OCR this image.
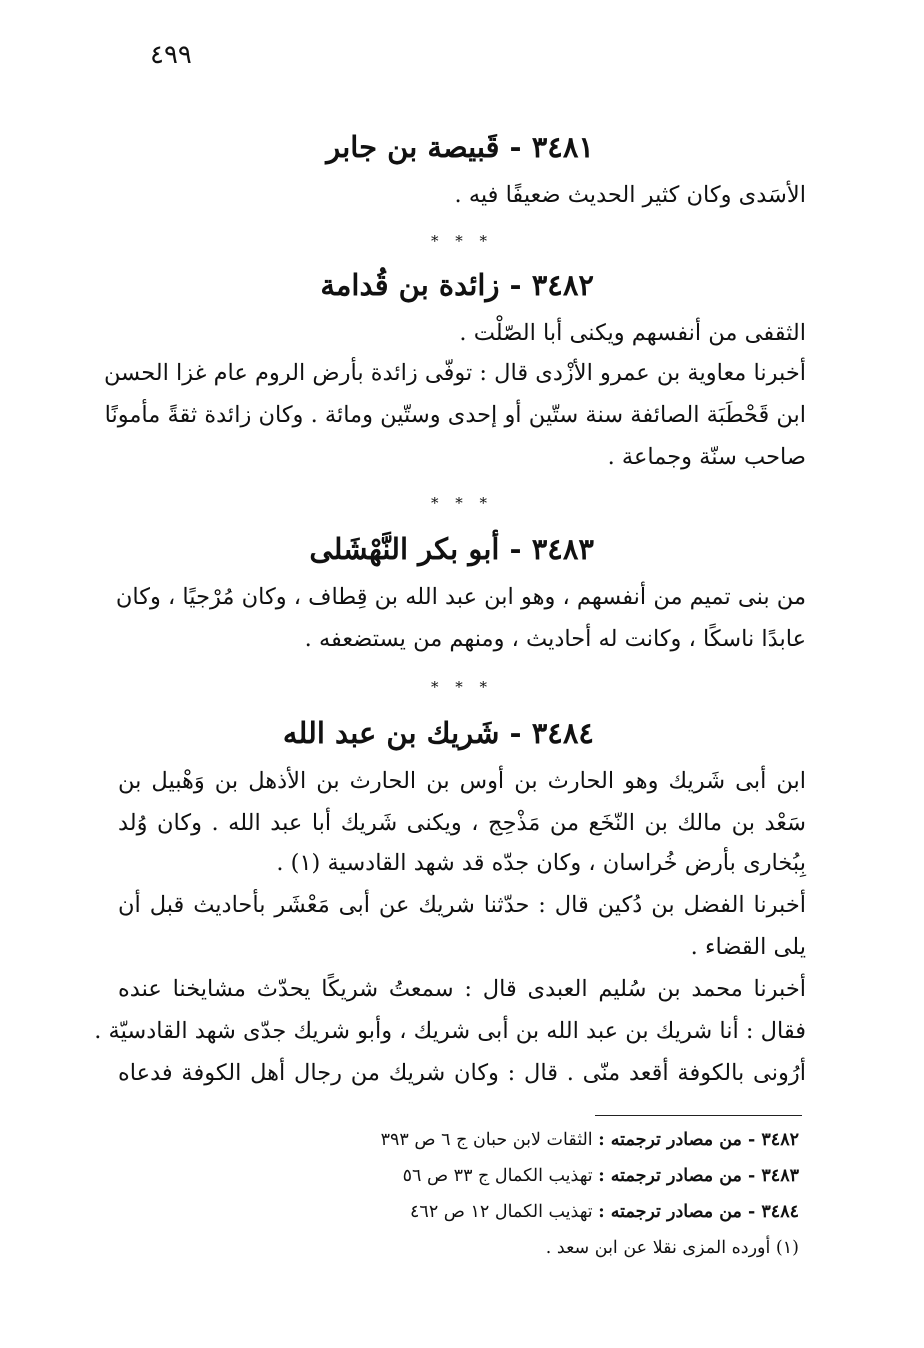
٤٩٩
٣٤٨١ - قَبيصة بن جابر
الأسَدى وكان كثير الحديث ضعيفًا فيه .
* * *
٣٤٨٢ - زائدة بن قُدامة
الثقفى من أنفسهم ويكنى أبا الصّلْت .
أخبرنا معاوية بن عمرو الأزْدى قال : توفّى زائدة بأرض الروم عام غزا الحسن
ابن قَحْطَبَة الصائفة سنة ستّين أو إحدى وستّين ومائة . وكان زائدة ثقةً مأمونًا
صاحب سنّة وجماعة .
* * *
٣٤٨٣ - أبو بكر النَّهْشَلى
من بنى تميم من أنفسهم ، وهو ابن عبد الله بن قِطاف ، وكان مُرْجيًا ، وكان
عابدًا ناسكًا ، وكانت له أحاديث ، ومنهم من يستضعفه .
* * *
٣٤٨٤ - شَريك بن عبد الله
ابن أبى شَريك وهو الحارث بن أوس بن الحارث بن الأذهل بن وَهْبيل بن
سَعْد بن مالك بن النّخَع من مَذْحِج ، ويكنى شَريك أبا عبد الله . وكان وُلد
بِبُخارى بأرض خُراسان ، وكان جدّه قد شهد القادسية (١) .
أخبرنا الفضل بن دُكين قال : حدّثنا شريك عن أبى مَعْشَر بأحاديث قبل أن
يلى القضاء .
أخبرنا محمد بن سُليم العبدى قال : سمعتُ شريكًا يحدّث مشايخنا عنده
فقال : أنا شريك بن عبد الله بن أبى شريك ، وأبو شريك جدّى شهد القادسيّة .
أرُونى بالكوفة أقعد منّى . قال : وكان شريك من رجال أهل الكوفة فدعاه
٣٤٨٢ - من مصادر ترجمته : الثقات لابن حبان ج ٦ ص ٣٩٣
٣٤٨٣ - من مصادر ترجمته : تهذيب الكمال ج ٣٣ ص ٥٦
٣٤٨٤ - من مصادر ترجمته : تهذيب الكمال ١٢ ص ٤٦٢
(١) أورده المزى نقلا عن ابن سعد .
